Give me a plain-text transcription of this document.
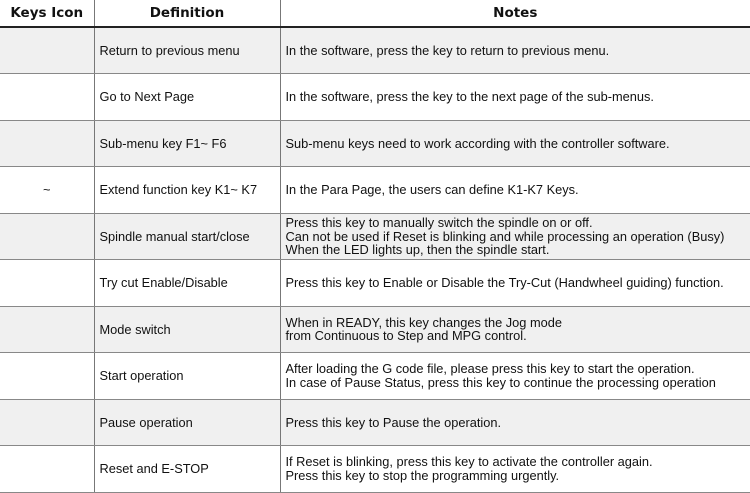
Keys Icon	Definition	Notes
	Return to previous menu	In the software, press the key to return to previous menu.

	Go to Next Page	In the software, press the key to the next page of the sub-menus.

	Sub-menu key F1~ F6	Sub-menu keys need to work according with the controller software.

~	Extend function key K1~ K7	In the Para Page, the users can define K1-K7 Keys.

	Spindle manual start/close	Press this key to manually switch the spindle on or off.
Can not be used if Reset is blinking and while processing an operation (Busy)
When the LED lights up, then the spindle start.

	Try cut Enable/Disable	Press this key to Enable or Disable the Try-Cut (Handwheel guiding) function.

	Mode switch	When in READY, this key changes the Jog mode
from Continuous to Step and MPG control.

	Start operation	After loading the G code file, please press this key to start the operation.
In case of Pause Status, press this key to continue the processing operation

	Pause operation	Press this key to Pause the operation.

	Reset and E-STOP	If Reset is blinking, press this key to activate the controller again.
Press this key to stop the programming urgently.
